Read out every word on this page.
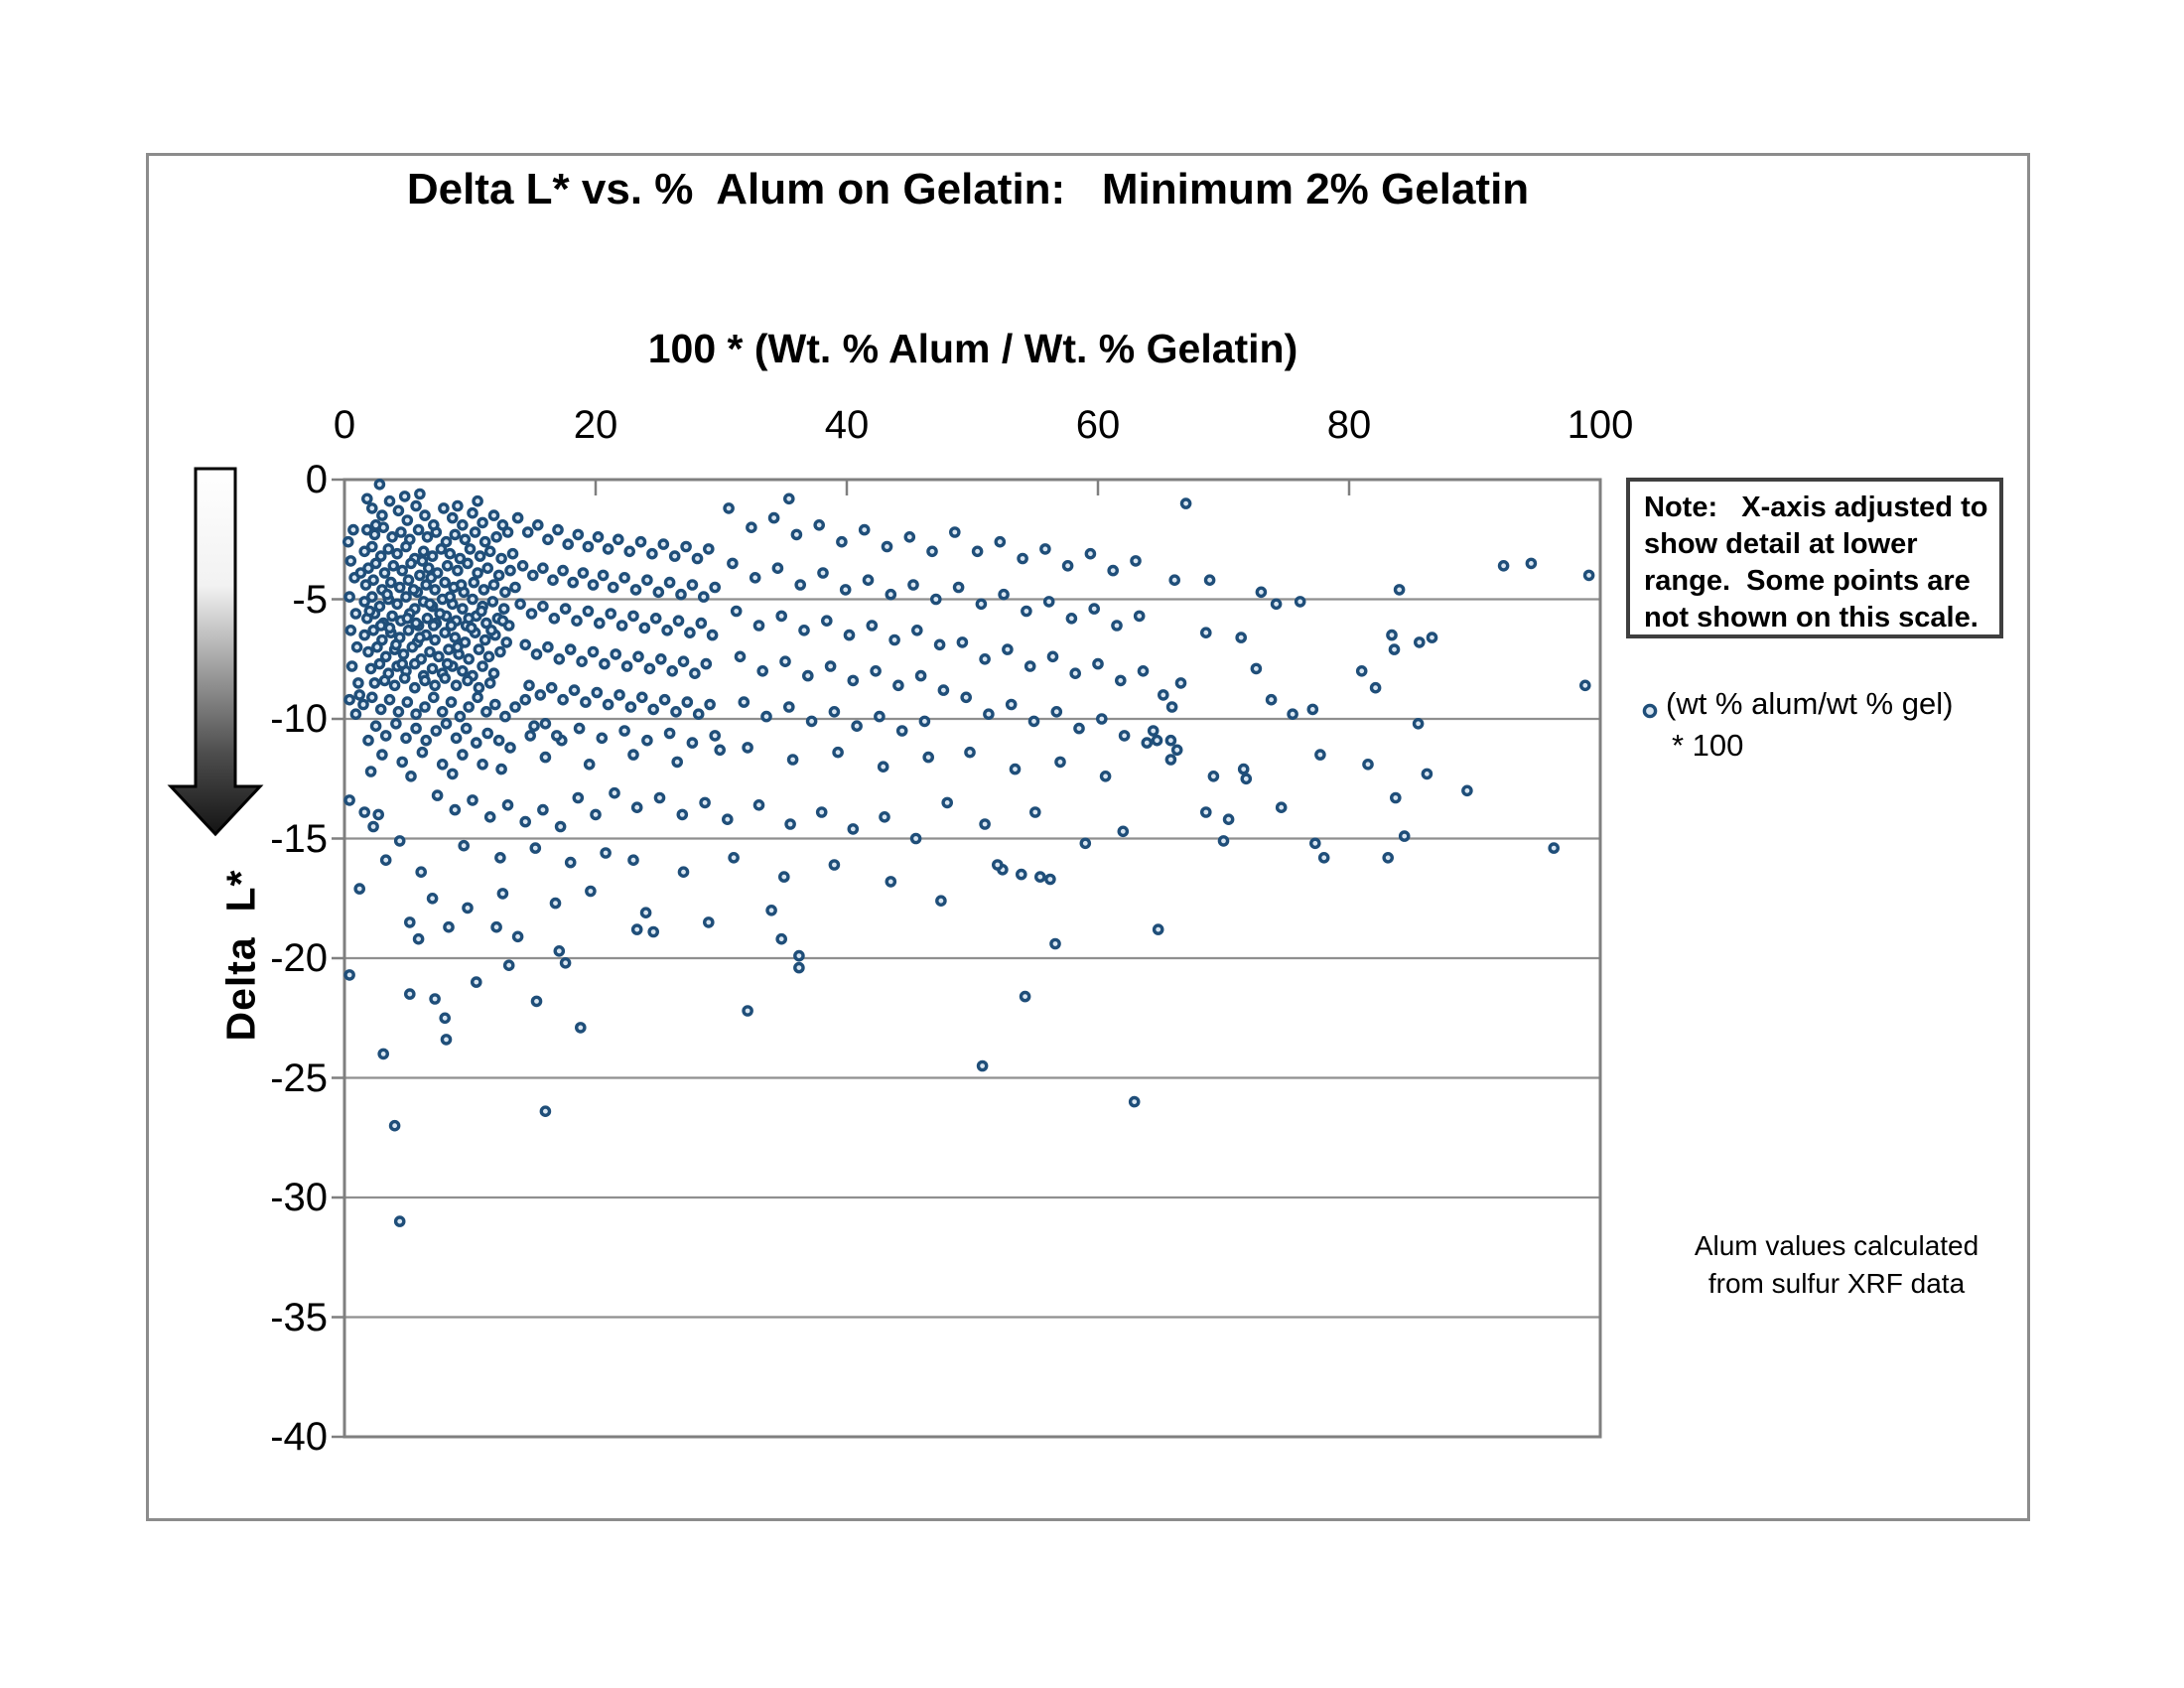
Delta L* vs. %  Alum on Gelatin:   Minimum 2% Gelatin
100 * (Wt. % Alum / Wt. % Gelatin)
Delta  L*
0	20	40	60	80	100
0
-5
-10
-15
-20
-25
-30
-35
-40
Note:   X-axis adjusted to
show detail at lower
range.  Some points are
not shown on this scale.
(wt % alum/wt % gel)
* 100
Alum values calculated
from sulfur XRF data
